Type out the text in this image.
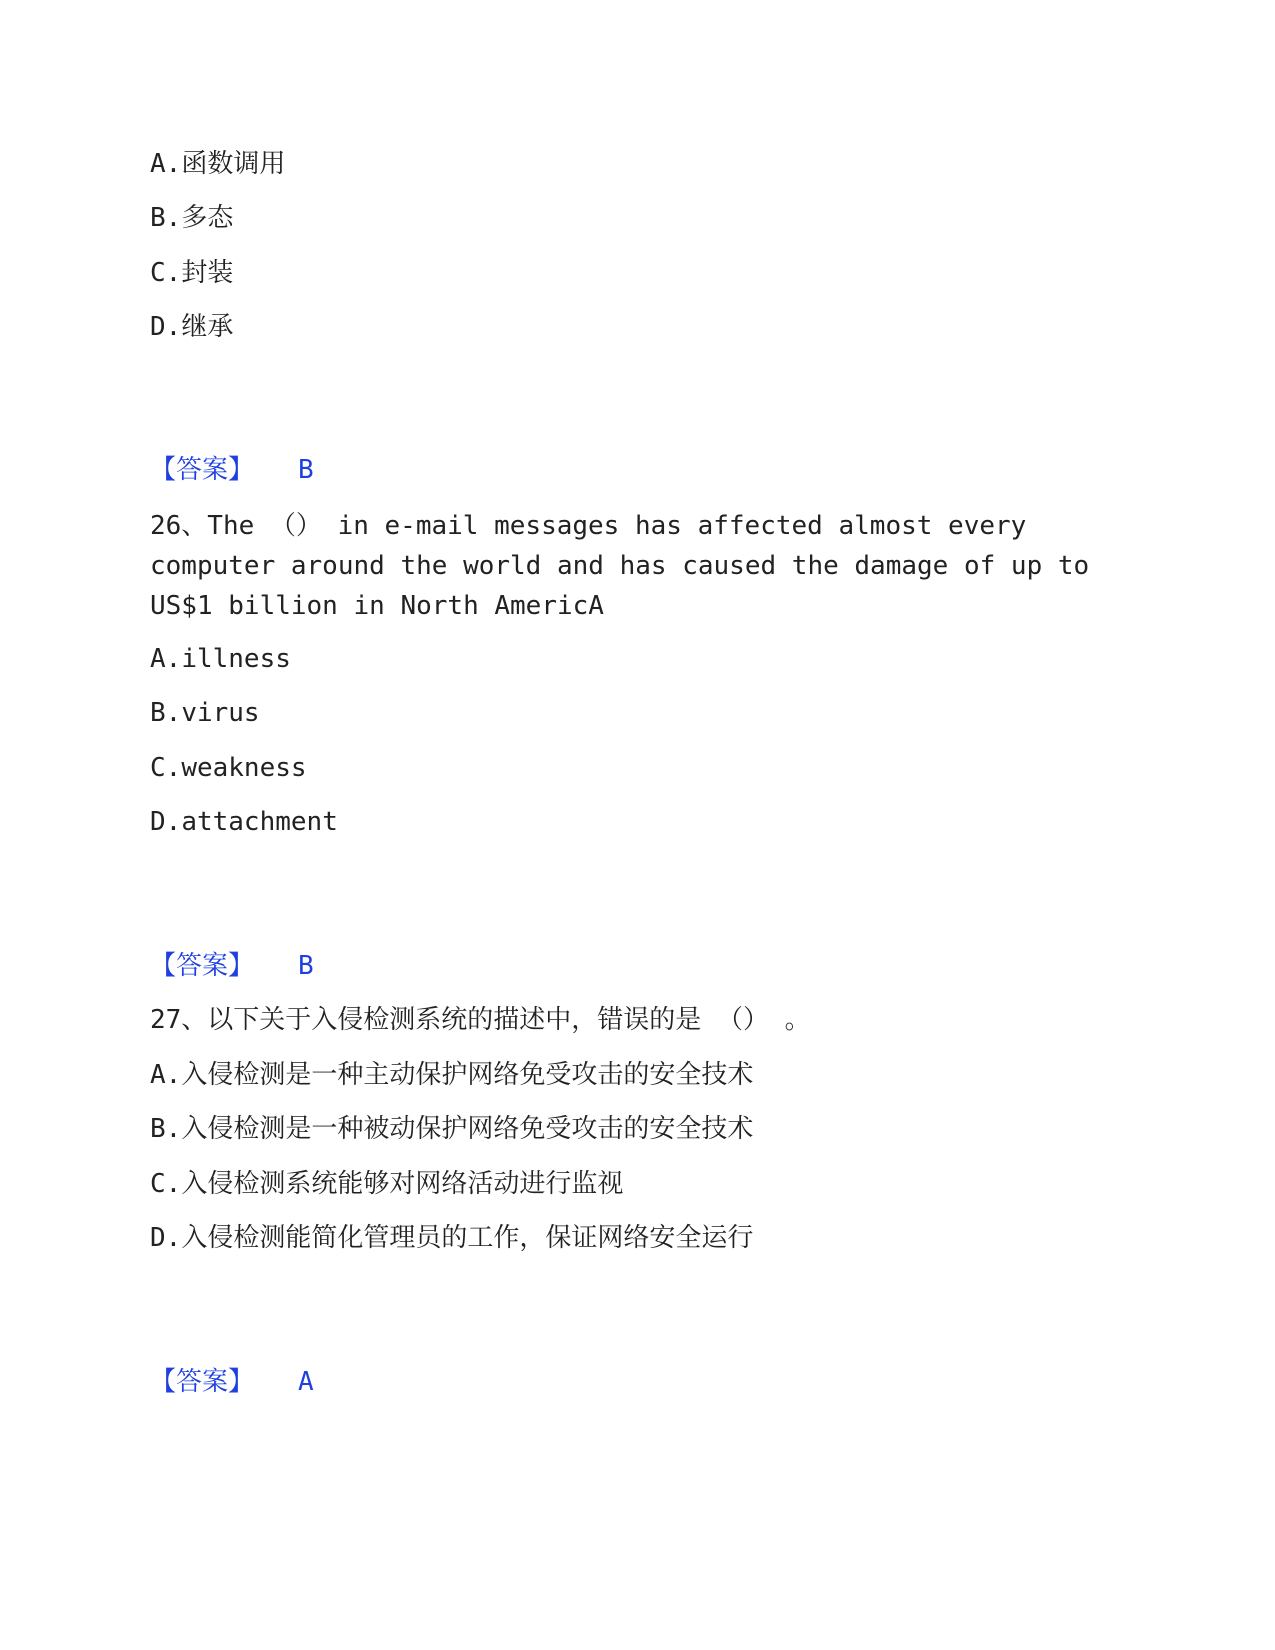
A.函数调用
B.多态
C.封装
D.继承
【答案】 B
26、The （） in e-mail messages has affected almost every computer around the world and has caused the damage of up to US$1 billion in North AmericA
A.illness
B.virus
C.weakness
D.attachment
【答案】 B
27、以下关于入侵检测系统的描述中，错误的是 （） 。
A.入侵检测是一种主动保护网络免受攻击的安全技术
B.入侵检测是一种被动保护网络免受攻击的安全技术
C.入侵检测系统能够对网络活动进行监视
D.入侵检测能简化管理员的工作，保证网络安全运行
【答案】 A
